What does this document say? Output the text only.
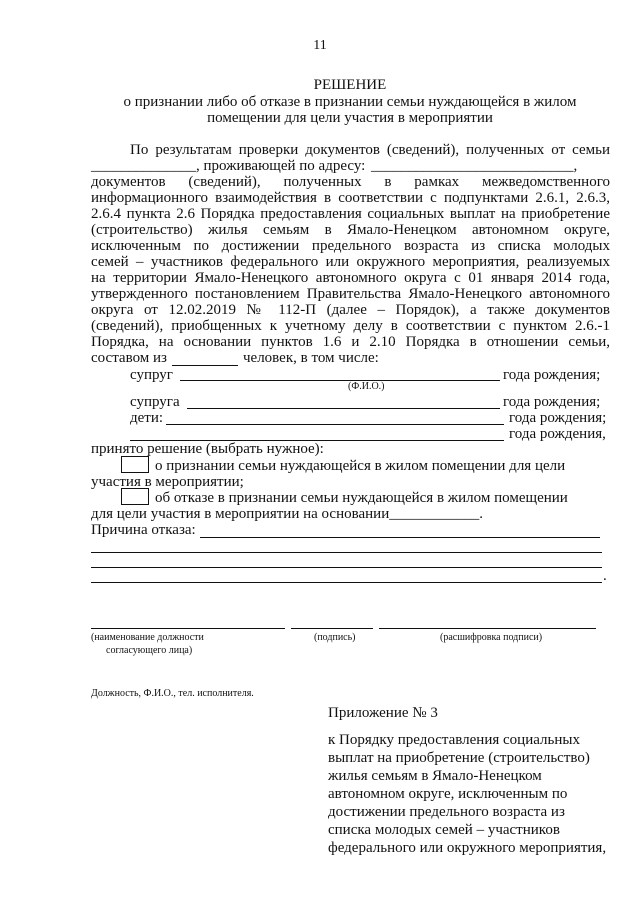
11
РЕШЕНИЕ
о признании либо об отказе в признании семьи нуждающейся в жилом
помещении для цели участия в мероприятии
По результатам проверки документов (сведений), полученных от семьи
______________, проживающей по адресу: ___________________________,
документов (сведений), полученных в рамках межведомственного
информационного взаимодействия в соответствии с подпунктами 2.6.1, 2.6.3,
2.6.4 пункта 2.6 Порядка предоставления социальных выплат на приобретение
(строительство) жилья семьям в Ямало-Ненецком автономном округе,
исключенным по достижении предельного возраста из списка молодых
семей – участников федерального или окружного мероприятия, реализуемых
на территории Ямало-Ненецкого автономного округа с 01 января 2014 года,
утвержденного постановлением Правительства Ямало-Ненецкого автономного
округа от 12.02.2019 № 112-П (далее – Порядок), а также документов
(сведений), приобщенных к учетному делу в соответствии с пунктом 2.6.-1
Порядка, на основании пунктов 1.6 и 2.10 Порядка в отношении семьи,
составом из	человек, в том числе:
супруг	года рождения;
(Ф.И.О.)
супруга	года рождения;
дети:	года рождения;
года рождения,
принято решение (выбрать нужное):
о признании семьи нуждающейся в жилом помещении для цели
участия в мероприятии;
об отказе в признании семьи нуждающейся в жилом помещении
для цели участия в мероприятии на основании____________.
Причина отказа:
.
(наименование должности
согласующего лица)
(подпись)	(расшифровка подписи)
Должность, Ф.И.О., тел. исполнителя.
Приложение № 3
к Порядку предоставления социальных
выплат на приобретение (строительство)
жилья семьям в Ямало-Ненецком
автономном округе, исключенным по
достижении предельного возраста из
списка молодых семей – участников
федерального или окружного мероприятия,
